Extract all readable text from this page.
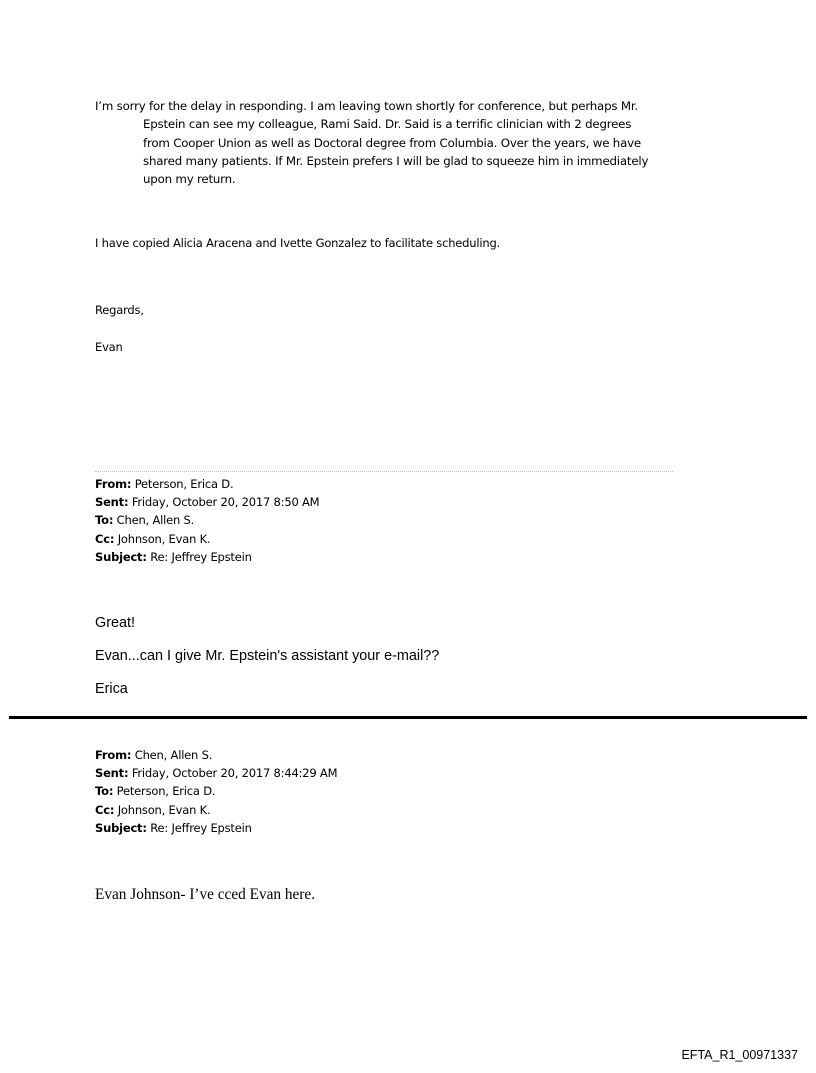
I’m sorry for the delay in responding. I am leaving town shortly for conference, but perhaps Mr.
Epstein can see my colleague, Rami Said. Dr. Said is a terrific clinician with 2 degrees
from Cooper Union as well as Doctoral degree from Columbia. Over the years, we have
shared many patients. If Mr. Epstein prefers I will be glad to squeeze him in immediately
upon my return.

I have copied Alicia Aracena and Ivette Gonzalez to facilitate scheduling.

Regards,

Evan

From: Peterson, Erica D.
Sent: Friday, October 20, 2017 8:50 AM
To: Chen, Allen S.
Cc: Johnson, Evan K.
Subject: Re: Jeffrey Epstein

Great!

Evan...can I give Mr. Epstein's assistant your e-mail??

Erica

From: Chen, Allen S.
Sent: Friday, October 20, 2017 8:44:29 AM
To: Peterson, Erica D.
Cc: Johnson, Evan K.
Subject: Re: Jeffrey Epstein

Evan Johnson- I’ve cced Evan here.

EFTA_R1_00971337
